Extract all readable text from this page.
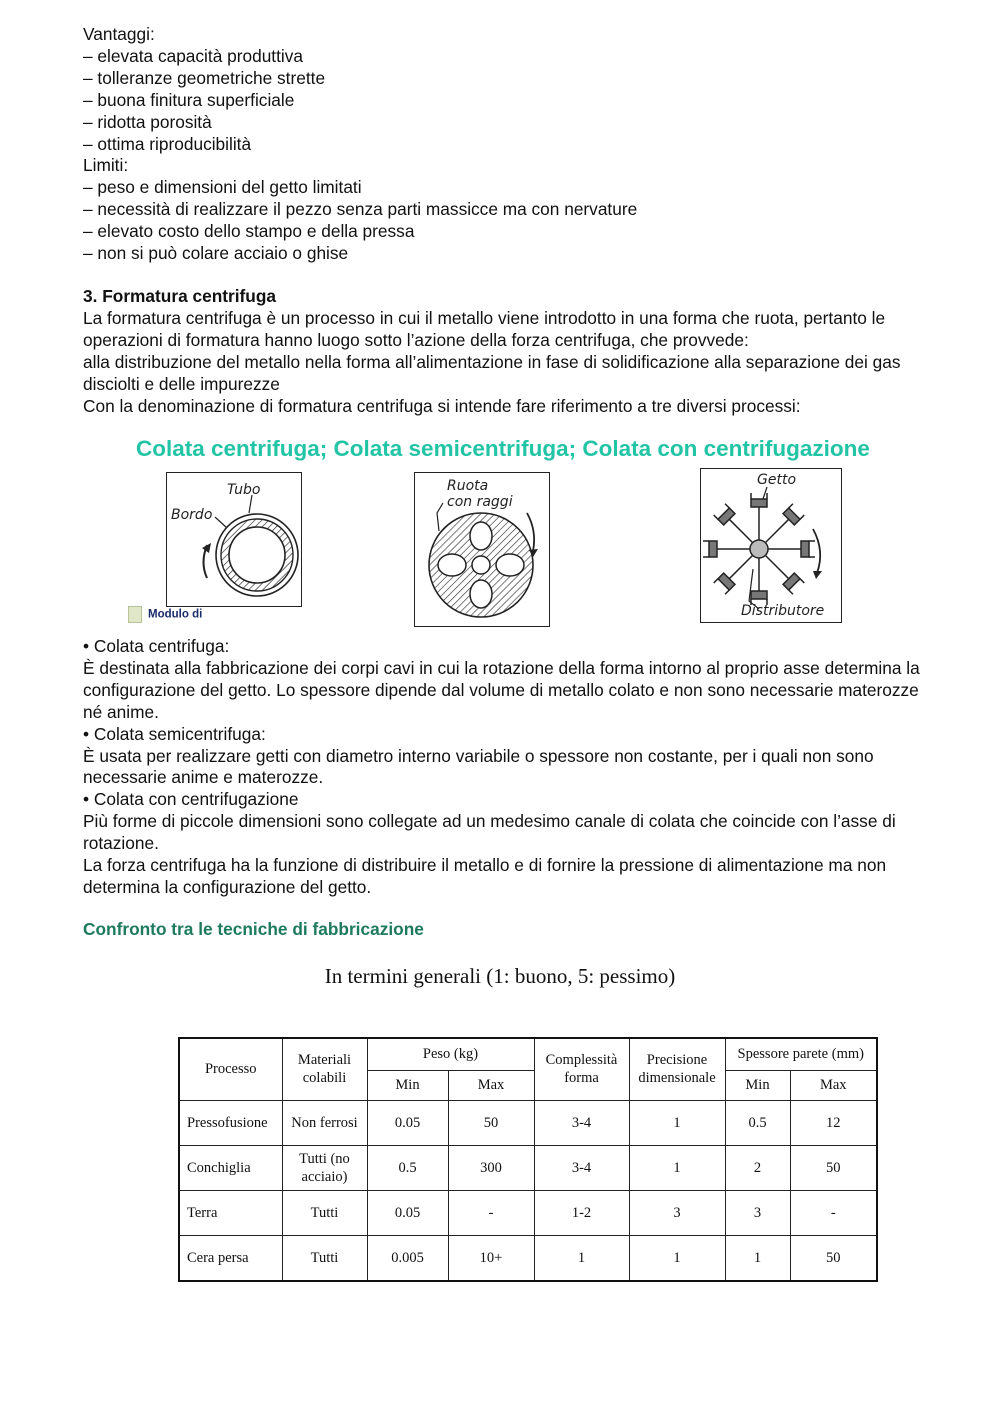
Vantaggi:
– elevata capacità produttiva
– tolleranze geometriche strette
– buona finitura superficiale
– ridotta porosità
– ottima riproducibilità
Limiti:
– peso e dimensioni del getto limitati
– necessità di realizzare il pezzo senza parti massicce ma con nervature
– elevato costo dello stampo e della pressa
– non si può colare acciaio o ghise
3. Formatura centrifuga
La formatura centrifuga è un processo in cui il metallo viene introdotto in una forma che ruota, pertanto le
operazioni di formatura hanno luogo sotto l’azione della forza centrifuga, che provvede:
alla distribuzione del metallo nella forma all’alimentazione in fase di solidificazione alla separazione dei gas
disciolti e delle impurezze
Con la denominazione di formatura centrifuga si intende fare riferimento a tre diversi processi:
Colata centrifuga; Colata semicentrifuga; Colata con centrifugazione
Tubo
Bordo
Ruota
con raggi
Getto
Distributore
Modulo di
• Colata centrifuga:
È destinata alla fabbricazione dei corpi cavi in cui la rotazione della forma intorno al proprio asse determina la
configurazione del getto. Lo spessore dipende dal volume di metallo colato e non sono necessarie materozze
né anime.
• Colata semicentrifuga:
È usata per realizzare getti con diametro interno variabile o spessore non costante, per i quali non sono
necessarie anime e materozze.
• Colata con centrifugazione
Più forme di piccole dimensioni sono collegate ad un medesimo canale di colata che coincide con l’asse di
rotazione.
La forza centrifuga ha la funzione di distribuire il metallo e di fornire la pressione di alimentazione ma non
determina la configurazione del getto.
Confronto tra le tecniche di fabbricazione
In termini generali (1: buono, 5: pessimo)
Processo	Materiali
colabili	Peso (kg)		Complessità
forma	Precisione
dimensionale	Spessore parete (mm)	
		Min	Max			Min	Max
Pressofusione	Non ferrosi	0.05	50	3-4	1	0.5	12
Conchiglia	Tutti (no
acciaio)	0.5	300	3-4	1	2	50
Terra	Tutti	0.05	-	1-2	3	3	-
Cera persa	Tutti	0.005	10+	1	1	1	50
